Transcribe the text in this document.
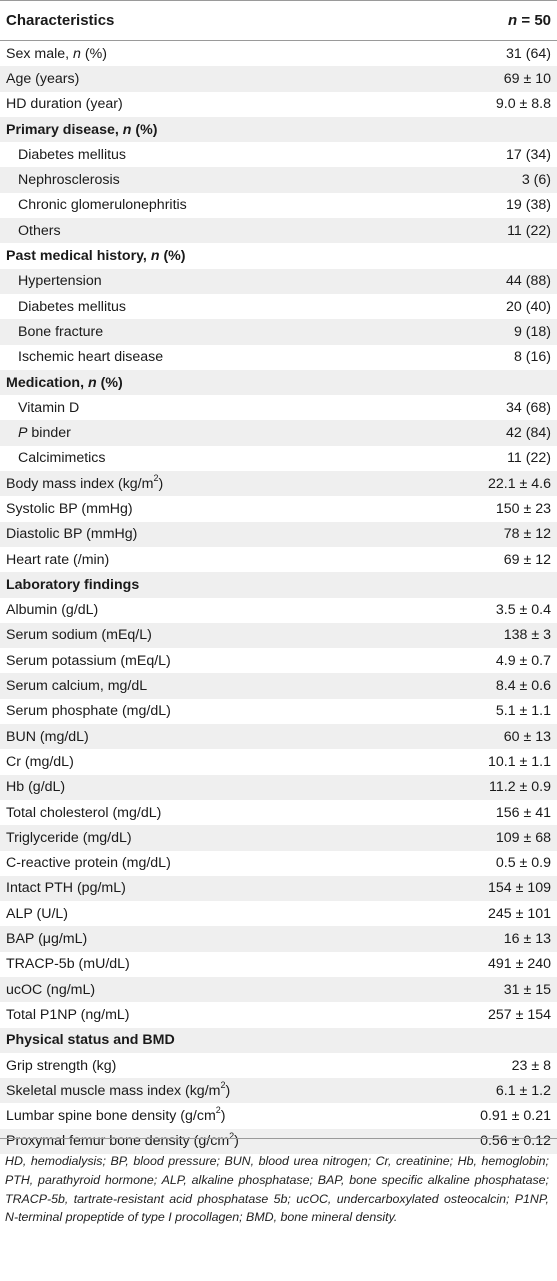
Characteristics	n = 50
Sex male, n (%)	31 (64)
Age (years)	69 ± 10
HD duration (year)	9.0 ± 8.8
Primary disease, n (%)
Diabetes mellitus	17 (34)
Nephrosclerosis	3 (6)
Chronic glomerulonephritis	19 (38)
Others	11 (22)
Past medical history, n (%)
Hypertension	44 (88)
Diabetes mellitus	20 (40)
Bone fracture	9 (18)
Ischemic heart disease	8 (16)
Medication, n (%)
Vitamin D	34 (68)
P binder	42 (84)
Calcimimetics	11 (22)
Body mass index $(kg/m^2)$	22.1 ± 4.6
Systolic BP (mmHg)	150 ± 23
Diastolic BP (mmHg)	78 ± 12
Heart rate (/min)	69 ± 12
Laboratory findings
Albumin (g/dL)	3.5 ± 0.4
Serum sodium (mEq/L)	138 ± 3
Serum potassium (mEq/L)	4.9 ± 0.7
Serum calcium, mg/dL	8.4 ± 0.6
Serum phosphate (mg/dL)	5.1 ± 1.1
BUN (mg/dL)	60 ± 13
Cr (mg/dL)	10.1 ± 1.1
Hb (g/dL)	11.2 ± 0.9
Total cholesterol (mg/dL)	156 ± 41
Triglyceride (mg/dL)	109 ± 68
C-reactive protein (mg/dL)	0.5 ± 0.9
Intact PTH (pg/mL)	154 ± 109
ALP (U/L)	245 ± 101
BAP (μg/mL)	16 ± 13
TRACP-5b (mU/dL)	491 ± 240
ucOC (ng/mL)	31 ± 15
Total P1NP (ng/mL)	257 ± 154
Physical status and BMD
Grip strength (kg)	23 ± 8
Skeletal muscle mass index $(kg/m^2)$	6.1 ± 1.2
Lumbar spine bone density $(g/cm^2)$	0.91 ± 0.21
Proxymal femur bone density $(g/cm^2)$	0.56 ± 0.12
HD, hemodialysis; BP, blood pressure; BUN, blood urea nitrogen; Cr, creatinine; Hb, hemoglobin; PTH, parathyroid hormone; ALP, alkaline phosphatase; BAP, bone specific alkaline phosphatase; TRACP-5b, tartrate-resistant acid phosphatase 5b; ucOC, undercarboxylated osteocalcin; P1NP, N-terminal propeptide of type I procollagen; BMD, bone mineral density.
